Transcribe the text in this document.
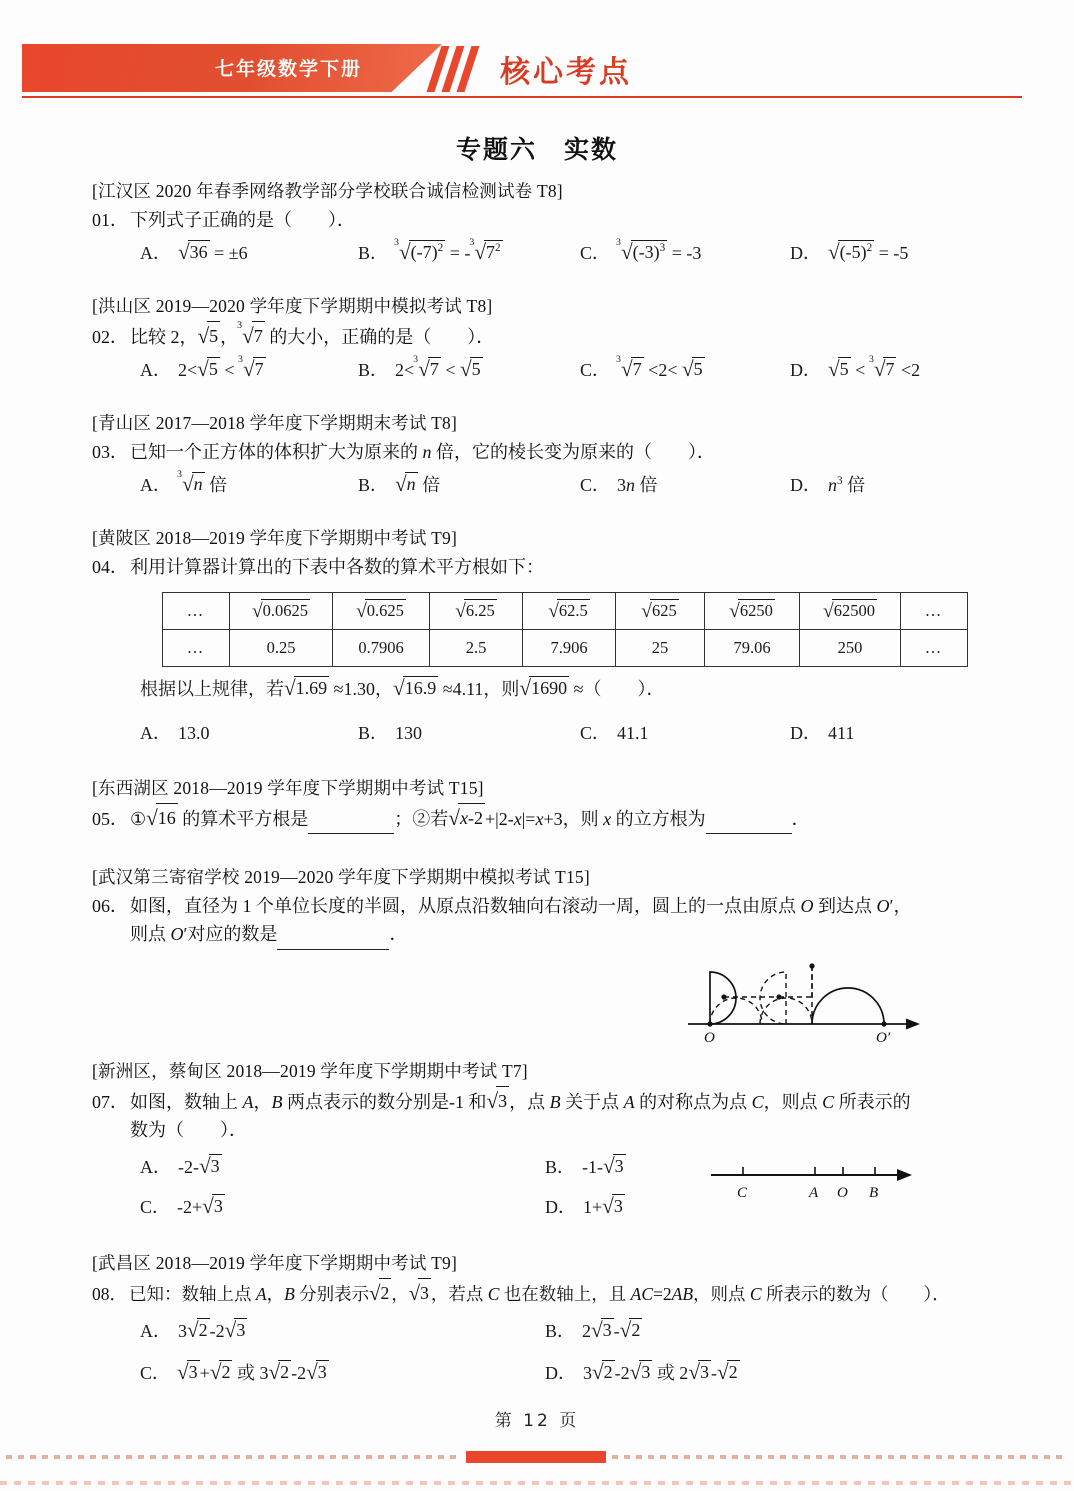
七年级数学下册	核心考点
专题六　实数

[江汉区 2020 年春季网络教学部分学校联合诚信检测试卷 T8]

01． 下列式子正确的是（　　）．

A． √36 = ±6	B．
3 $√(-7)^2$ = -
3 $√7^2$	C．
3 $√(-3)^3 = -3$	D． $√(-5)^2 = -5$

[洪山区 2019—2020 学年度下学期期中模拟考试 T8]

02． 比较 2，√5 ，
3 √7 的大小，正确的是（　　）．

A． 2<√5 <
3 √7	B． 2<
3 √7 < √5	C．
3 √7 <2< √5	D． √5 <
3 √7 <2

[青山区 2017—2018 学年度下学期期末考试 T8]

03． 已知一个正方体的体积扩大为原来的 n 倍，它的棱长变为原来的（　　）．

A．
3 √n 倍	B． √n 倍	C． 3n 倍	D． $n^3$ 倍

[黄陂区 2018—2019 学年度下学期期中考试 T9]

04． 利用计算器计算出的下表中各数的算术平方根如下：

…	√0.0625	√0.625	√6.25	√62.5	√625	√6250	√62500	…
…	0.25	0.7906	2.5	7.906	25	79.06	250	…

根据以上规律，若√1.69 ≈1.30，√16.9 ≈4.11，则√1690 ≈（　　）．

A． 13.0	B． 130	C． 41.1	D． 411

[东西湖区 2018—2019 学年度下学期期中考试 T15]

05． ①√16 的算术平方根是	；②若√x-2 +|2-x|=x+3，则 x 的立方根为	．

[武汉第三寄宿学校 2019—2020 学年度下学期期中模拟考试 T15]

06． 如图，直径为 1 个单位长度的半圆，从原点沿数轴向右滚动一周，圆上的一点由原点 O 到达点 O′，

则点 O′对应的数是	．

O	O′

[新洲区，蔡甸区 2018—2019 学年度下学期期中考试 T7]

07． 如图，数轴上 A，B 两点表示的数分别是-1 和√3 ，点 B 关于点 A 的对称点为点 C，则点 C 所表示的

数为（　　）．

A． -2-√3	B． -1-√3
C． -2+√3	D． 1+√3
C	A O B

[武昌区 2018—2019 学年度下学期期中考试 T9]

08． 已知：数轴上点 A，B 分别表示√2 ，√3 ，若点 C 也在数轴上，且 AC=2AB，则点 C 所表示的数为（　　）．

A． 3√2 -2√3	B． 2√3 -√2
C． √3 +√2 或 3√2 -2√3	D． 3√2 -2√3 或 2√3 -√2
第 12 页
